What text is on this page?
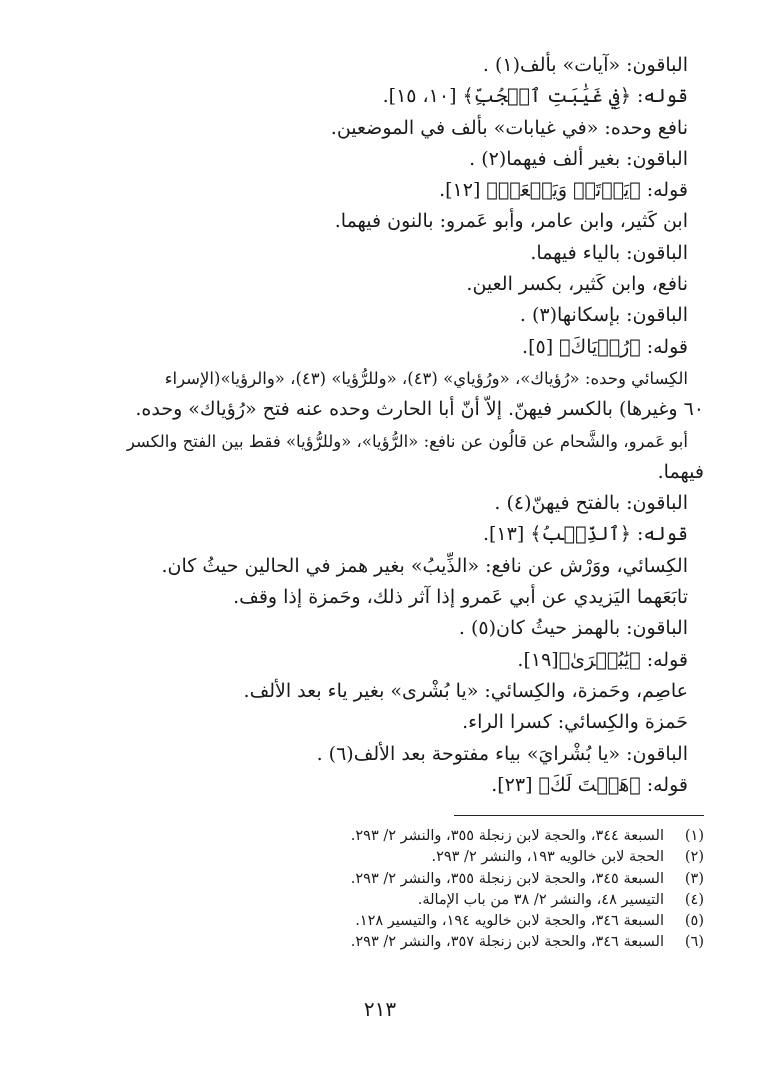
الباقون: «آيات» بألف(١) .
قوله: ﴿فِي غَيَٰبَتِ ٱلۡجُبِّ﴾ [١٠، ١٥].
نافع وحده: «في غيابات» بألف في الموضعين.
الباقون: بغير ألف فيهما(٢) .
قوله: ﴿يَرۡتَعۡ وَيَلۡعَبۡ﴾ [١٢].
ابن كَثير، وابن عامر، وأبو عَمرو: بالنون فيهما.
الباقون: بالياء فيهما.
نافع، وابن كَثير، بكسر العين.
الباقون: بإسكانها(٣) .
قوله: ﴿رُءۡيَاكَ﴾ [٥].
الكِسائي وحده: «رُؤياك»، «ورُؤياي» (٤٣)، «وللرُّؤيا» (٤٣)، «والرؤيا»(الإسراء
٦٠ وغيرها) بالكسر فيهنّ. إلاّ أنّ أبا الحارث وحده عنه فتح «رُؤياك» وحده.
أبو عَمرو، والشَّحام عن قالُون عن نافع: «الرُّؤيا»، «وللرُّؤيا» فقط بين الفتح والكسر
فيهما.
الباقون: بالفتح فيهنّ(٤) .
قوله: ﴿ٱلذِّئۡبُ﴾ [١٣].
الكِسائي، ووَرْش عن نافع: «الذِّيبُ» بغير همز في الحالين حيثُ كان.
تابَعَهما اليَزيدي عن أبي عَمرو إذا آثر ذلك، وحَمزة إذا وقف.
الباقون: بالهمز حيثُ كان(٥) .
قوله: ﴿يَٰبُشۡرَىٰ﴾[١٩].
عاصِم، وحَمزة، والكِسائي: «يا بُشْرى» بغير ياء بعد الألف.
حَمزة والكِسائي: كسرا الراء.
الباقون: «يا بُشْرايَ» بياء مفتوحة بعد الألف(٦) .
قوله: ﴿هَيۡتَ لَكَ﴾ [٢٣].
(١)
السبعة ٣٤٤، والحجة لابن زنجلة ٣٥٥، والنشر ٢/ ٢٩٣.
(٢)
الحجة لابن خالويه ١٩٣، والنشر ٢/ ٢٩٣.
(٣)
السبعة ٣٤٥، والحجة لابن زنجلة ٣٥٥، والنشر ٢/ ٢٩٣.
(٤)
التيسير ٤٨، والنشر ٢/ ٣٨ من باب الإمالة.
(٥)
السبعة ٣٤٦، والحجة لابن خالويه ١٩٤، والتيسير ١٢٨.
(٦)
السبعة ٣٤٦، والحجة لابن زنجلة ٣٥٧، والنشر ٢/ ٢٩٣.
٢١٣
